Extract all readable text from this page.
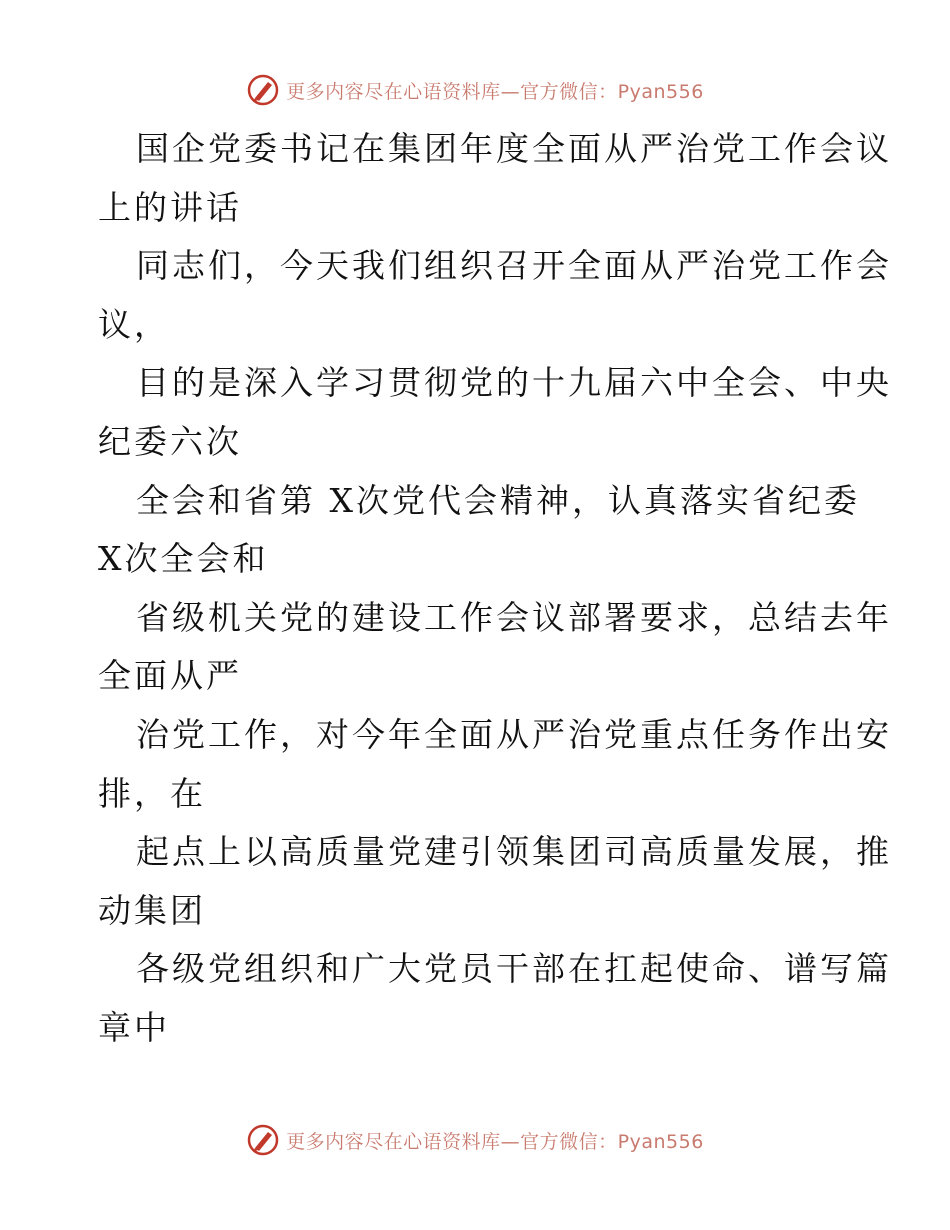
更多内容尽在心语资料库—官方微信：Pyan556
国企党委书记在集团年度全面从严治党工作会议
上的讲话
同志们，今天我们组织召开全面从严治党工作会
议，
目的是深入学习贯彻党的十九届六中全会、中央
纪委六次
全会和省第 X次党代会精神，认真落实省纪委
X次全会和
省级机关党的建设工作会议部署要求，总结去年
全面从严
治党工作，对今年全面从严治党重点任务作出安
排，在
起点上以高质量党建引领集团司高质量发展，推
动集团
各级党组织和广大党员干部在扛起使命、谱写篇
章中
更多内容尽在心语资料库—官方微信：Pyan556
